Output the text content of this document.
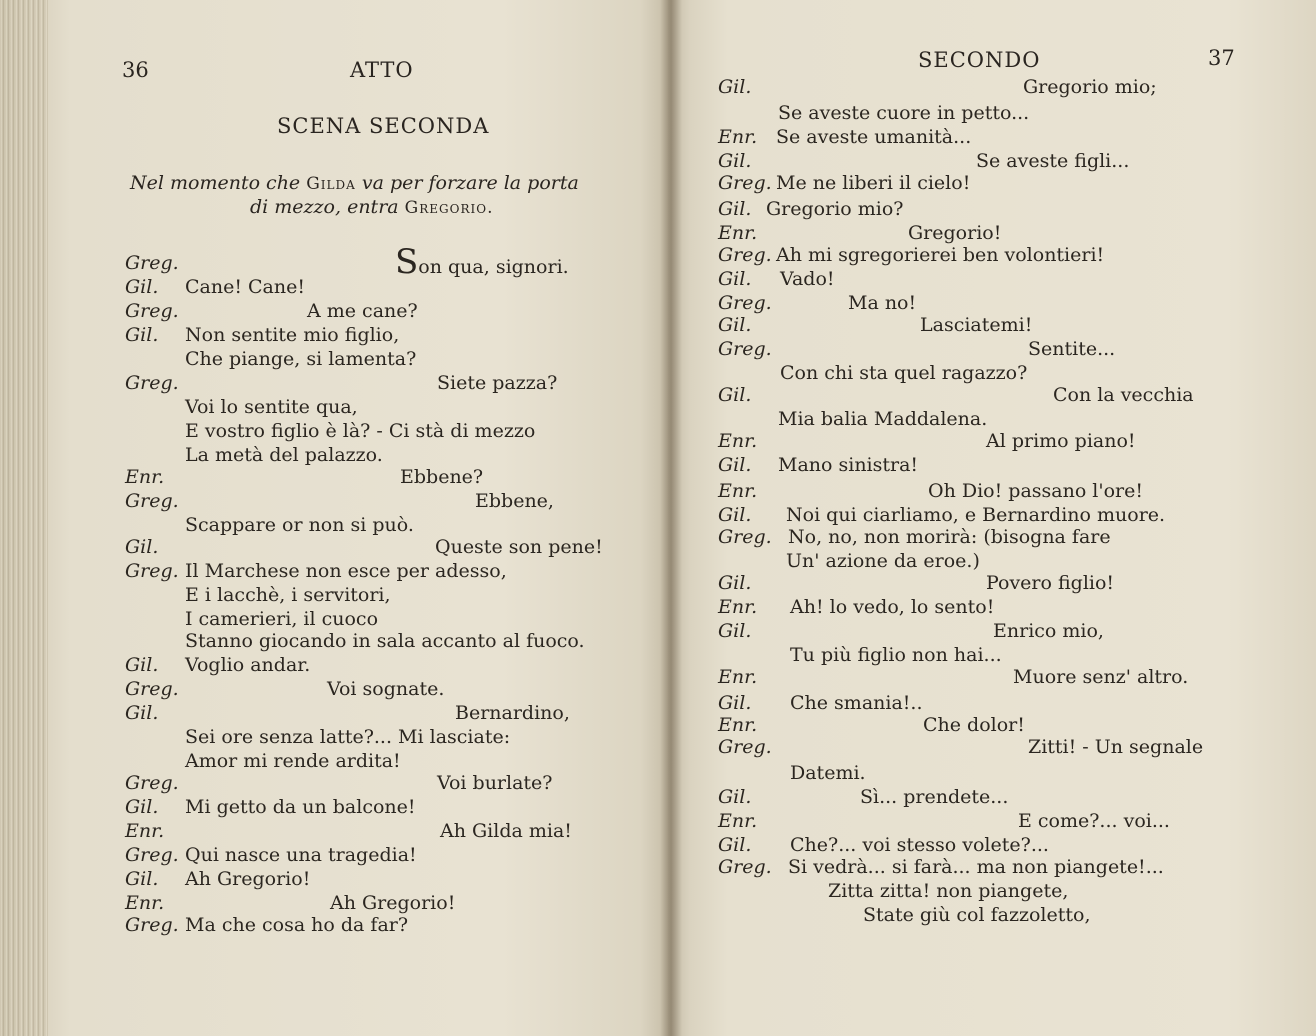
36	ATTO
SCENA SECONDA
Nel momento che Gilda va per forzare la porta
di mezzo, entra Gregorio.
Greg.	Son qua, signori.
Gil. Cane! Cane!
Greg.	A me cane?
Gil. Non sentite mio figlio,
Che piange, si lamenta?
Greg.	Siete pazza?
Voi lo sentite qua,
E vostro figlio è là? - Ci stà di mezzo
La metà del palazzo.
Enr.	Ebbene?
Greg.	Ebbene,
Scappare or non si può.
Gil.	Queste son pene!
Greg. Il Marchese non esce per adesso,
E i lacchè, i servitori,
I camerieri, il cuoco
Stanno giocando in sala accanto al fuoco.
Gil. Voglio andar.
Greg.	Voi sognate.
Gil.	Bernardino,
Sei ore senza latte?... Mi lasciate:
Amor mi rende ardita!
Greg.	Voi burlate?
Gil. Mi getto da un balcone!
Enr.	Ah Gilda mia!
Greg. Qui nasce una tragedia!
Gil. Ah Gregorio!
Enr.	Ah Gregorio!
Greg. Ma che cosa ho da far?
SECONDO	37
Gil.	Gregorio mio;
Se aveste cuore in petto...
Enr. Se aveste umanità...
Gil.	Se aveste figli...
Greg. Me ne liberi il cielo!
Gil. Gregorio mio?
Enr.	Gregorio!
Greg. Ah mi sgregorierei ben volontieri!
Gil. Vado!
Greg.	Ma no!
Gil.	Lasciatemi!
Greg.	Sentite...
Con chi sta quel ragazzo?
Gil.	Con la vecchia
Mia balia Maddalena.
Enr.	Al primo piano!
Gil. Mano sinistra!
Enr.	Oh Dio! passano l'ore!
Gil. Noi qui ciarliamo, e Bernardino muore.
Greg. No, no, non morirà: (bisogna fare
Un' azione da eroe.)
Gil.	Povero figlio!
Enr. Ah! lo vedo, lo sento!
Gil.	Enrico mio,
Tu più figlio non hai...
Enr.	Muore senz' altro.
Gil. Che smania!..
Enr.	Che dolor!
Greg.	Zitti! - Un segnale
Datemi.
Gil.	Sì... prendete...
Enr.	E come?... voi...
Gil. Che?... voi stesso volete?...
Greg. Si vedrà... si farà... ma non piangete!...
Zitta zitta! non piangete,
State giù col fazzoletto,
